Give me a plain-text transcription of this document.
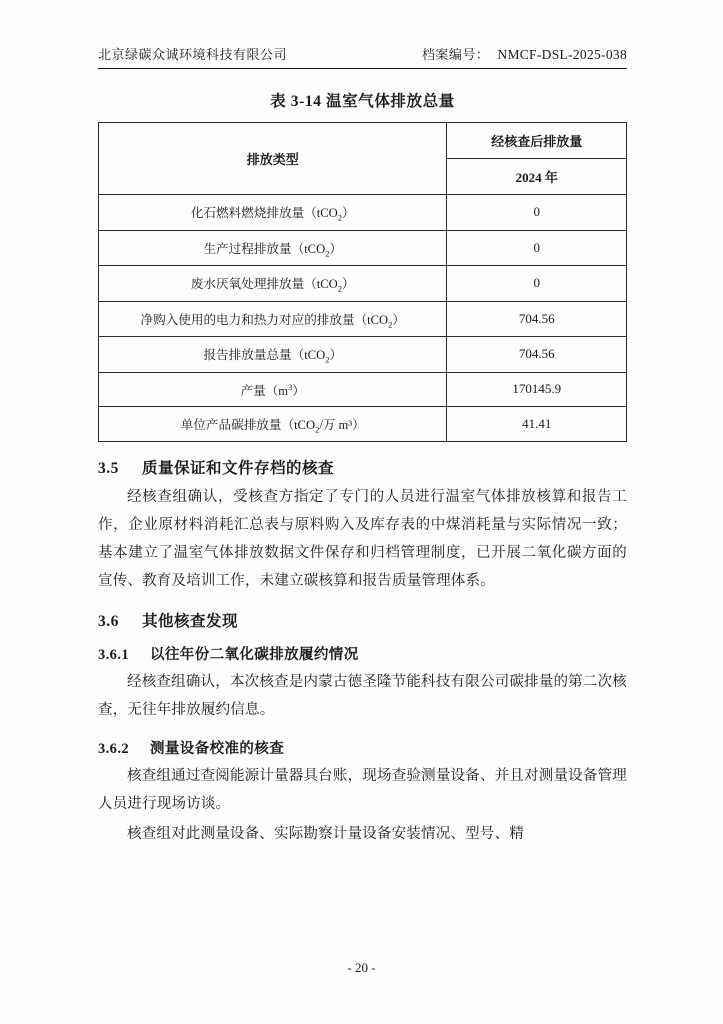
北京绿碳众诚环境科技有限公司	档案编号： NMCF-DSL-2025-038
表 3-14 温室气体排放总量
排放类型	经核查后排放量
	2024 年
化石燃料燃烧排放量（tCO$_2$）	0
生产过程排放量（tCO$_2$）	0
废水厌氧处理排放量（tCO$_2$）	0
净购入使用的电力和热力对应的排放量（tCO$_2$）	704.56
报告排放量总量（tCO$_2$）	704.56
产量$(m^3)$	170145.9
单位产品碳排放量（tCO$_2$/万 m³）	41.41
3.5 质量保证和文件存档的核查

经核查组确认，受核查方指定了专门的人员进行温室气体排放核算和报告工作，企业原材料消耗汇总表与原料购入及库存表的中煤消耗量与实际情况一致；基本建立了温室气体排放数据文件保存和归档管理制度，已开展二氧化碳方面的宣传、教育及培训工作，未建立碳核算和报告质量管理体系。

3.6 其他核查发现
3.6.1 以往年份二氧化碳排放履约情况

经核查组确认，本次核查是内蒙古德圣隆节能科技有限公司碳排量的第二次核查，无往年排放履约信息。

3.6.2 测量设备校准的核查

核查组通过查阅能源计量器具台账，现场查验测量设备、并且对测量设备管理人员进行现场访谈。

核查组对此测量设备、实际勘察计量设备安装情况、型号、精

- 20 -
